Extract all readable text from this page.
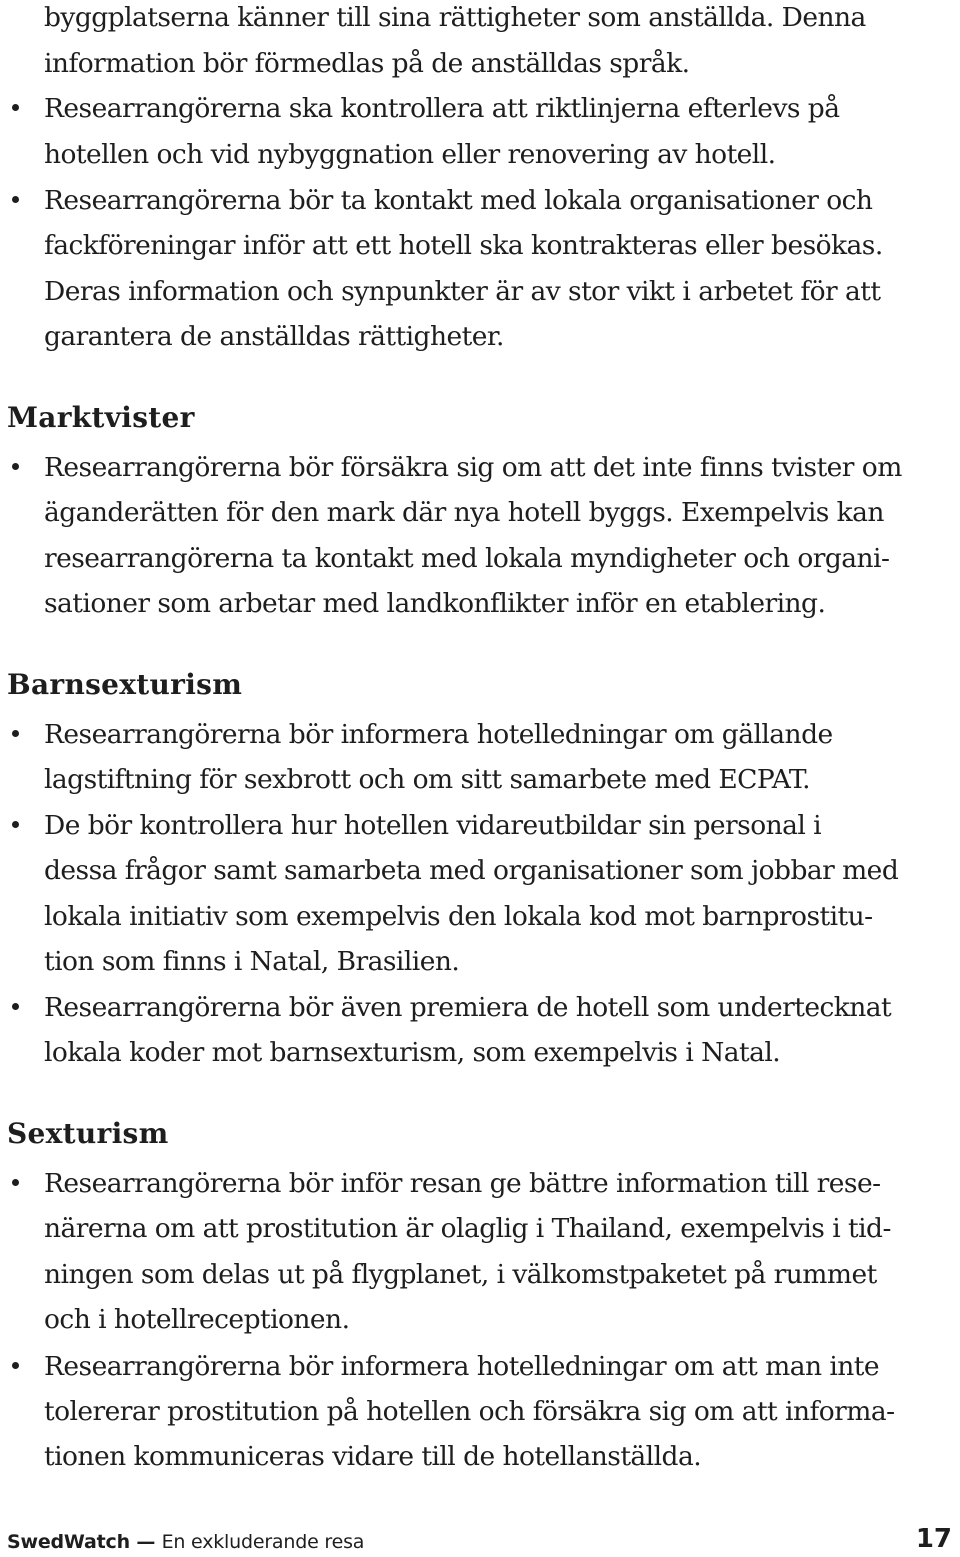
byggplatserna känner till sina rättigheter som anställda. Denna
information bör förmedlas på de anställdas språk.
Researrangörerna ska kontrollera att riktlinjerna efterlevs på
hotellen och vid nybyggnation eller renovering av hotell.
Researrangörerna bör ta kontakt med lokala organisationer och
fackföreningar inför att ett hotell ska kontrakteras eller besökas.
Deras information och synpunkter är av stor vikt i arbetet för att
garantera de anställdas rättigheter.
Marktvister
Researrangörerna bör försäkra sig om att det inte finns tvister om
äganderätten för den mark där nya hotell byggs. Exempelvis kan
researrangörerna ta kontakt med lokala myndigheter och organi-
sationer som arbetar med landkonflikter inför en etablering.
Barnsexturism
Researrangörerna bör informera hotelledningar om gällande
lagstiftning för sexbrott och om sitt samarbete med ECPAT.
De bör kontrollera hur hotellen vidareutbildar sin personal i
dessa frågor samt samarbeta med organisationer som jobbar med
lokala initiativ som exempelvis den lokala kod mot barnprostitu-
tion som finns i Natal, Brasilien.
Researrangörerna bör även premiera de hotell som undertecknat
lokala koder mot barnsexturism, som exempelvis i Natal.
Sexturism
Researrangörerna bör inför resan ge bättre information till rese-
närerna om att prostitution är olaglig i Thailand, exempelvis i tid-
ningen som delas ut på flygplanet, i välkomstpaketet på rummet
och i hotellreceptionen.
Researrangörerna bör informera hotelledningar om att man inte
tolererar prostitution på hotellen och försäkra sig om att informa-
tionen kommuniceras vidare till de hotellanställda.
SwedWatch — En exkluderande resa	17
